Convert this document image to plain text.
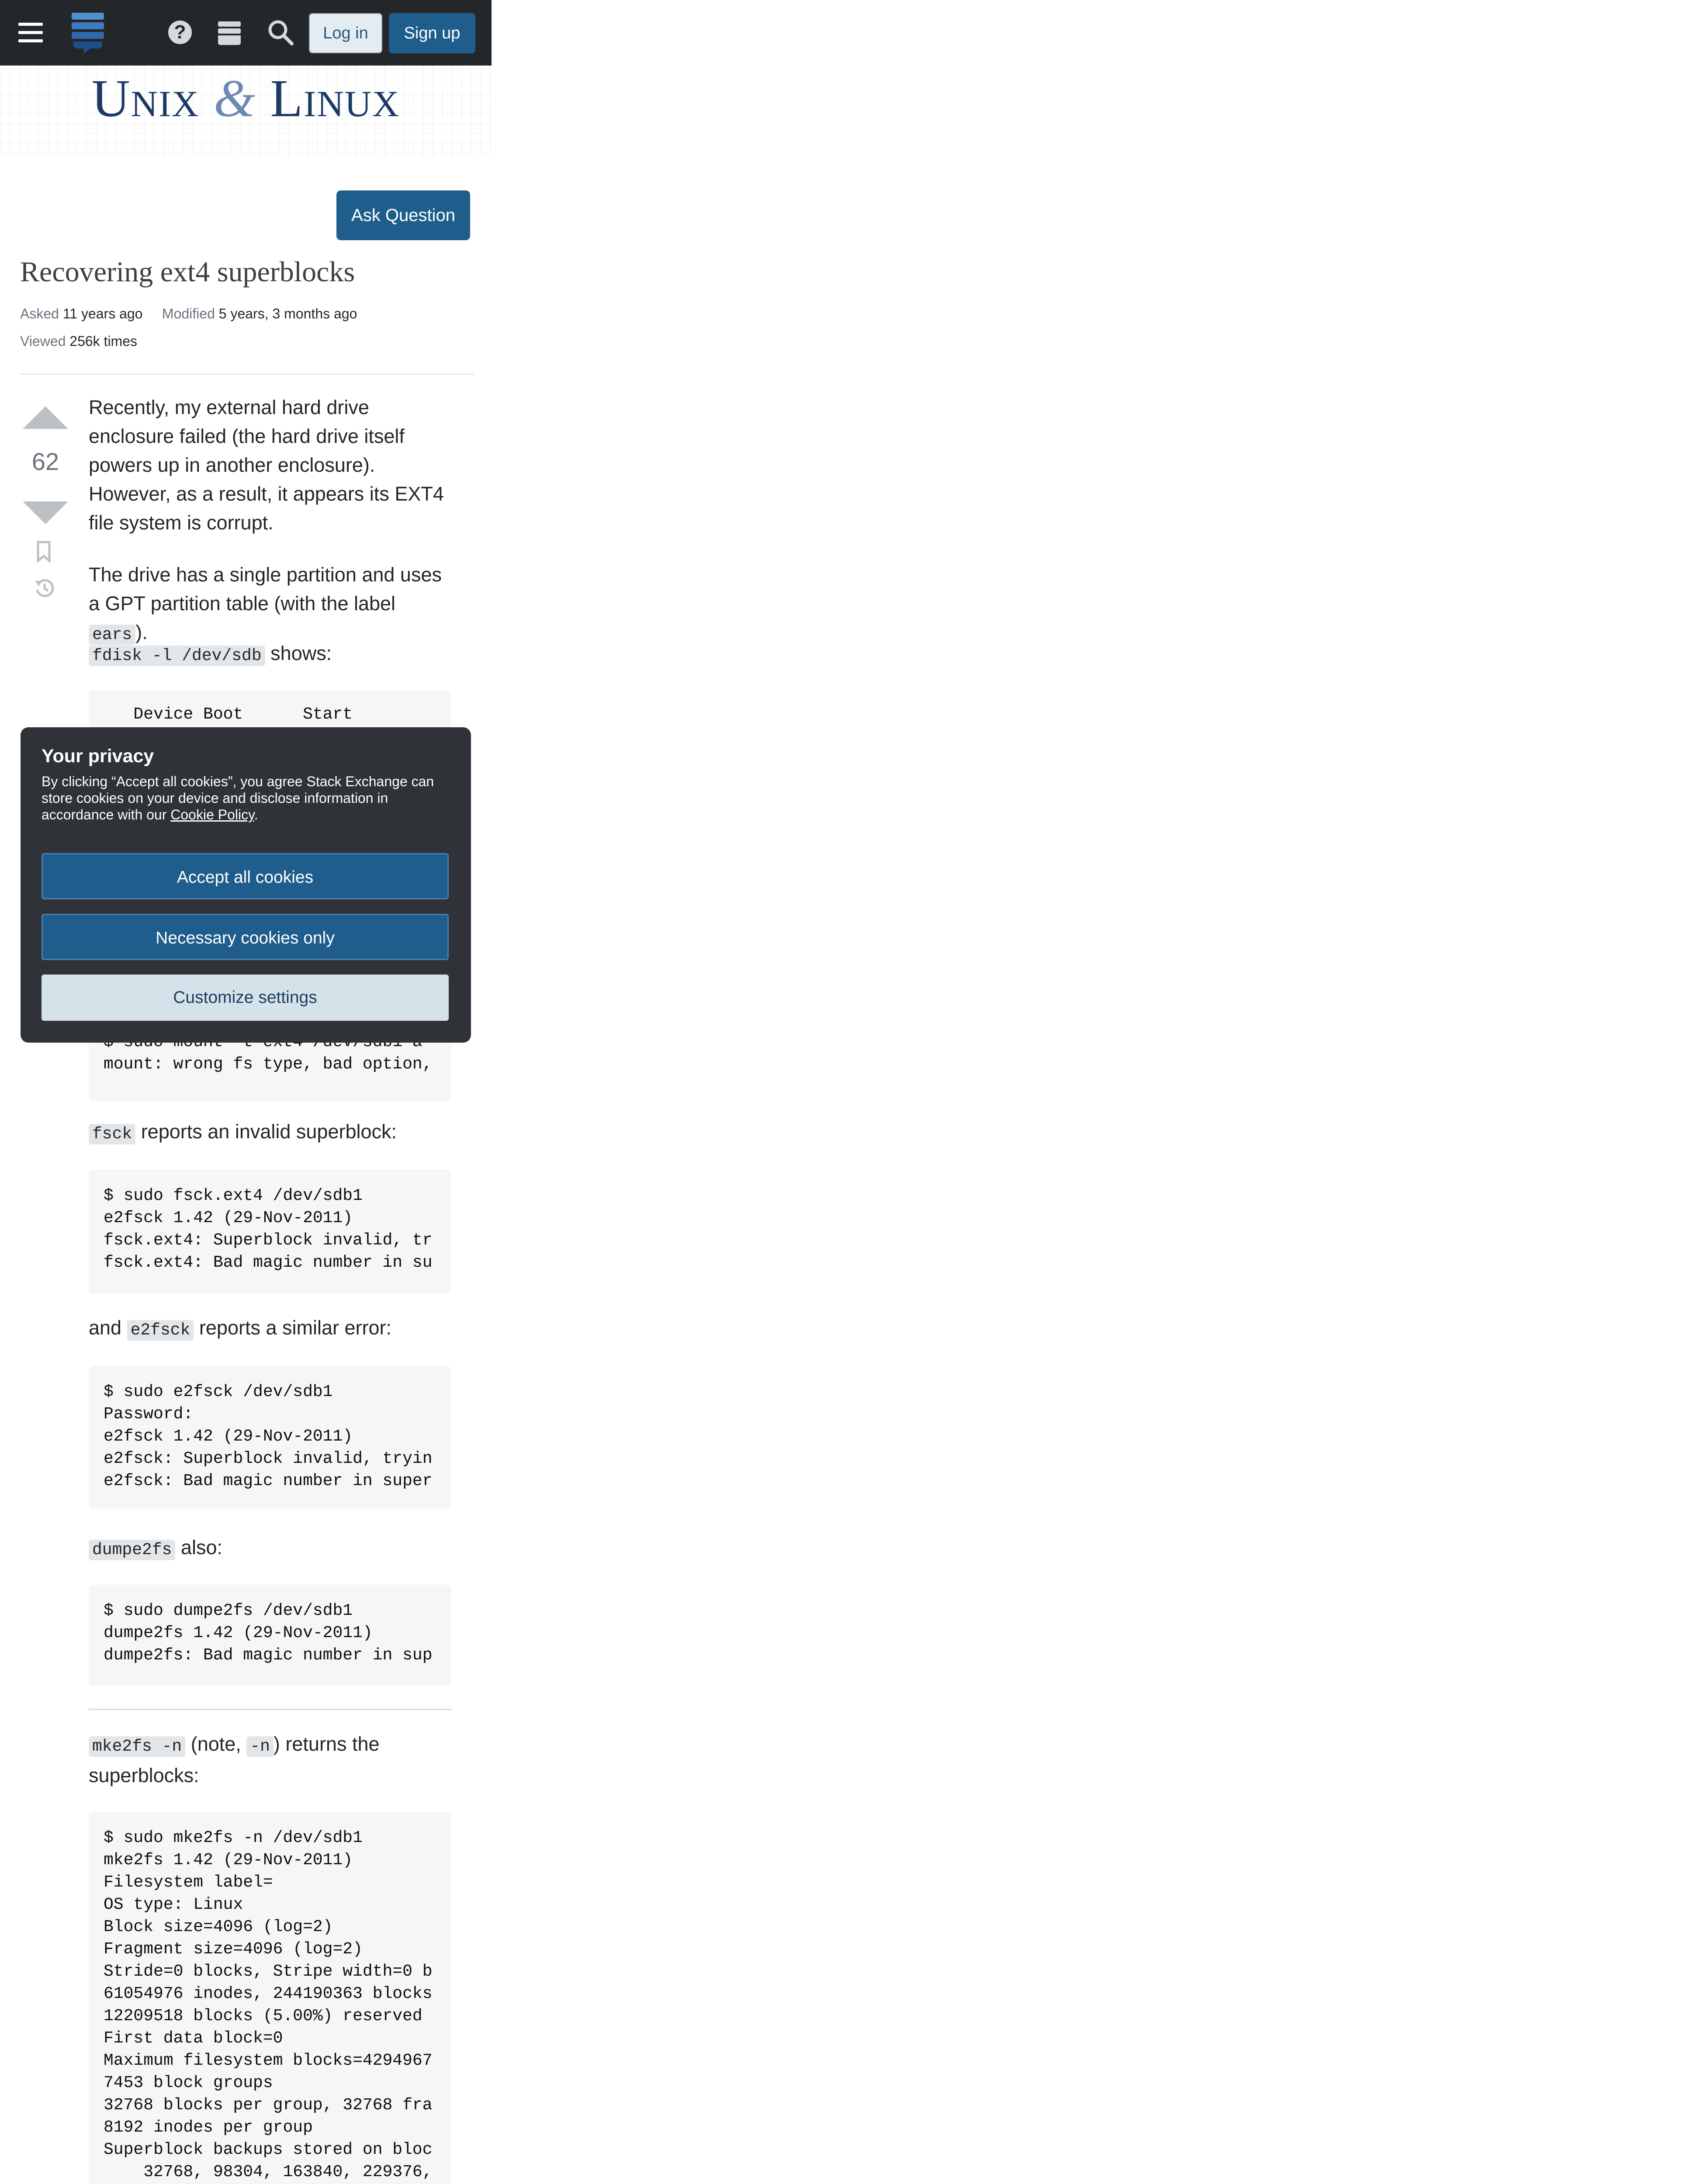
?	Log in	Sign up
Unix & Linux
Ask Question
Recovering ext4 superblocks
Asked 11 years ago Modified 5 years, 3 months ago
Viewed 256k times
62
Recently, my external hard drive enclosure failed (the hard drive itself powers up in another enclosure). However, as a result, it appears its EXT4 file system is corrupt.
The drive has a single partition and uses a GPT partition table (with the label ears ).
fdisk -l /dev/sdb shows:
Device Boot      Start

mount: wrong fs type, bad option,
fsck reports an invalid superblock:
$ sudo fsck.ext4 /dev/sdb1
e2fsck 1.42 (29-Nov-2011)
fsck.ext4: Superblock invalid, tr
fsck.ext4: Bad magic number in su
and e2fsck reports a similar error:
$ sudo e2fsck /dev/sdb1
Password:
e2fsck 1.42 (29-Nov-2011)
e2fsck: Superblock invalid, tryin
e2fsck: Bad magic number in super
dumpe2fs also:
$ sudo dumpe2fs /dev/sdb1
dumpe2fs 1.42 (29-Nov-2011)
dumpe2fs: Bad magic number in sup
mke2fs -n (note, -n ) returns the superblocks:
$ sudo mke2fs -n /dev/sdb1
mke2fs 1.42 (29-Nov-2011)
Filesystem label=
OS type: Linux
Block size=4096 (log=2)
Fragment size=4096 (log=2)
Stride=0 blocks, Stripe width=0 b
61054976 inodes, 244190363 blocks
12209518 blocks (5.00%) reserved
First data block=0
Maximum filesystem blocks=4294967
7453 block groups
32768 blocks per group, 32768 fra
8192 inodes per group
Superblock backups stored on bloc
32768, 98304, 163840, 229376,

Your privacy
By clicking “Accept all cookies”, you agree Stack Exchange can store cookies on your device and disclose information in accordance with our Cookie Policy.
Accept all cookies
Necessary cookies only
Customize settings
